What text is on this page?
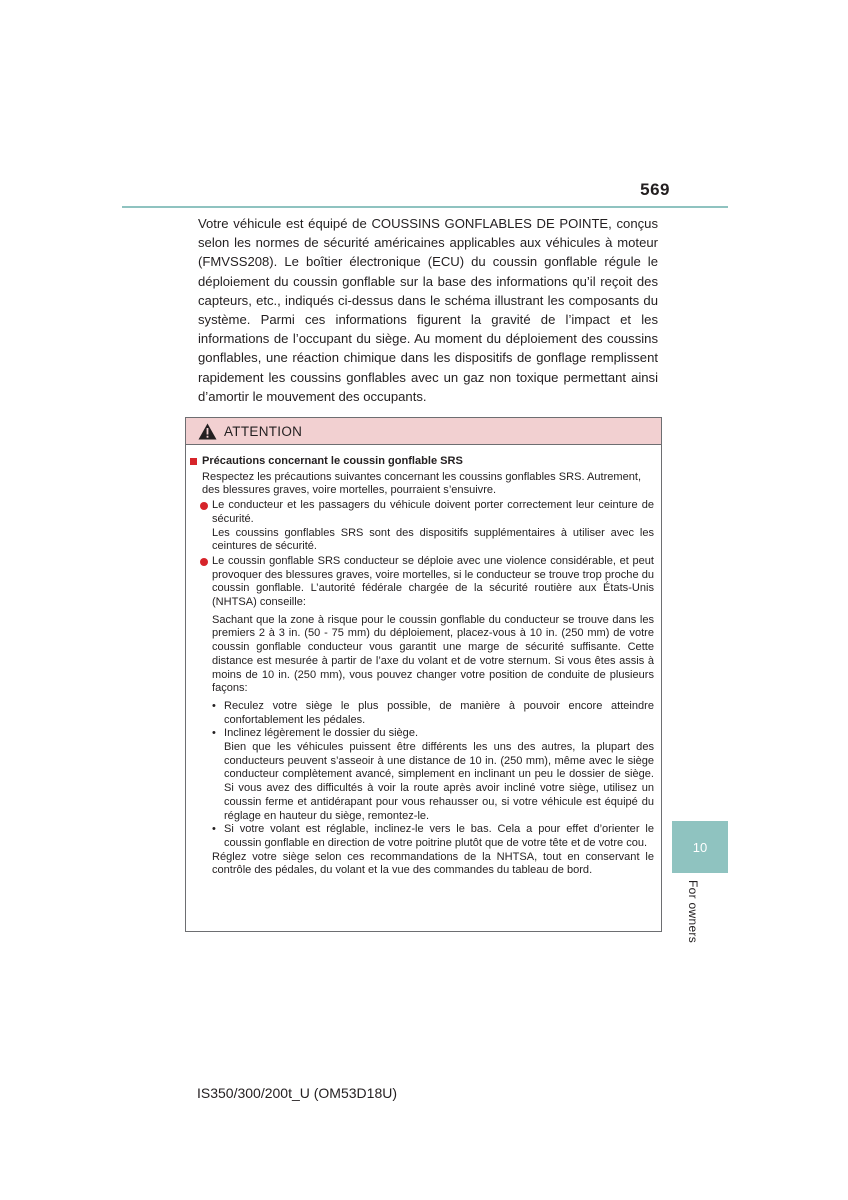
569
Votre véhicule est équipé de COUSSINS GONFLABLES DE POINTE, conçus selon les normes de sécurité américaines applicables aux véhicules à moteur (FMVSS208). Le boîtier électronique (ECU) du coussin gonflable régule le déploiement du coussin gonflable sur la base des informations qu’il reçoit des capteurs, etc., indiqués ci-dessus dans le schéma illustrant les composants du système. Parmi ces informations figurent la gravité de l’impact et les informations de l’occupant du siège. Au moment du déploiement des coussins gonflables, une réaction chimique dans les dispositifs de gonflage remplissent rapidement les coussins gonflables avec un gaz non toxique permettant ainsi d’amortir le mouvement des occupants.
ATTENTION
Précautions concernant le coussin gonflable SRS
Respectez les précautions suivantes concernant les coussins gonflables SRS. Autrement, des blessures graves, voire mortelles, pourraient s’ensuivre.

Le conducteur et les passagers du véhicule doivent porter correctement leur ceinture de sécurité.

Les coussins gonflables SRS sont des dispositifs supplémentaires à utiliser avec les ceintures de sécurité.

Le coussin gonflable SRS conducteur se déploie avec une violence considérable, et peut provoquer des blessures graves, voire mortelles, si le conducteur se trouve trop proche du coussin gonflable. L’autorité fédérale chargée de la sécurité routière aux États-Unis (NHTSA) conseille:

Sachant que la zone à risque pour le coussin gonflable du conducteur se trouve dans les premiers 2 à 3 in. (50 - 75 mm) du déploiement, placez-vous à 10 in. (250 mm) de votre coussin gonflable conducteur vous garantit une marge de sécurité suffisante. Cette distance est mesurée à partir de l’axe du volant et de votre sternum. Si vous êtes assis à moins de 10 in. (250 mm), vous pouvez changer votre position de conduite de plusieurs façons:

• Reculez votre siège le plus possible, de manière à pouvoir encore atteindre confortablement les pédales.

• Inclinez légèrement le dossier du siège.

Bien que les véhicules puissent être différents les uns des autres, la plupart des conducteurs peuvent s’asseoir à une distance de 10 in. (250 mm), même avec le siège conducteur complètement avancé, simplement en inclinant un peu le dossier de siège. Si vous avez des difficultés à voir la route après avoir incliné votre siège, utilisez un coussin ferme et antidérapant pour vous rehausser ou, si votre véhicule est équipé du réglage en hauteur du siège, remontez-le.

• Si votre volant est réglable, inclinez-le vers le bas. Cela a pour effet d’orienter le coussin gonflable en direction de votre poitrine plutôt que de votre tête et de votre cou.

Réglez votre siège selon ces recommandations de la NHTSA, tout en conservant le contrôle des pédales, du volant et la vue des commandes du tableau de bord.

10
For owners
IS350/300/200t_U (OM53D18U)
